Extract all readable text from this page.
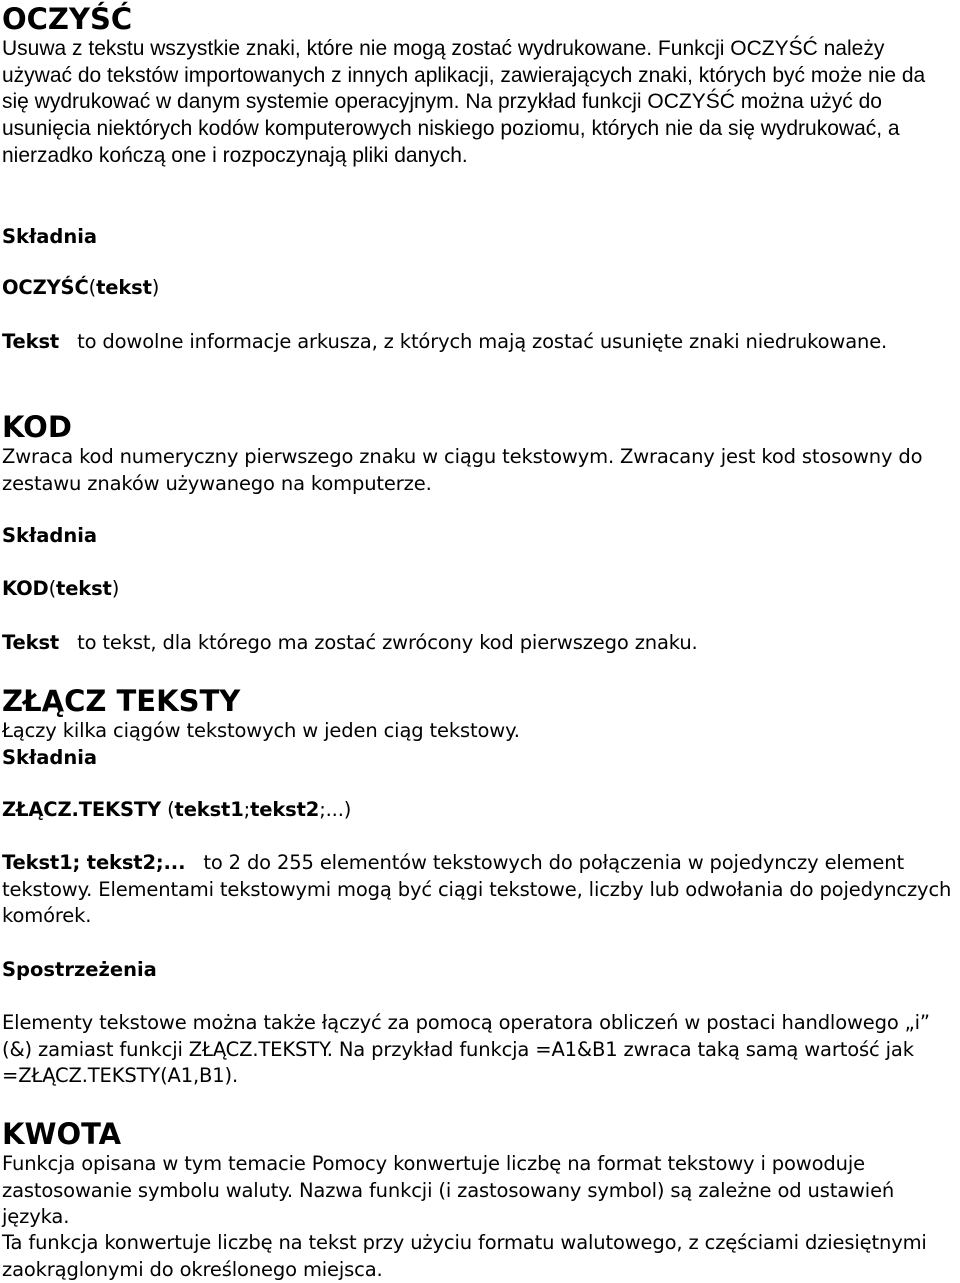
OCZYŚĆ

Usuwa z tekstu wszystkie znaki, które nie mogą zostać wydrukowane. Funkcji OCZYŚĆ należy używać do tekstów importowanych z innych aplikacji, zawierających znaki, których być może nie da się wydrukować w danym systemie operacyjnym. Na przykład funkcji OCZYŚĆ można użyć do usunięcia niektórych kodów komputerowych niskiego poziomu, których nie da się wydrukować, a nierzadko kończą one i rozpoczynają pliki danych.

Składnia
OCZYŚĆ(tekst)

Tekst to dowolne informacje arkusza, z których mają zostać usunięte znaki niedrukowane.

KOD

Zwraca kod numeryczny pierwszego znaku w ciągu tekstowym. Zwracany jest kod stosowny do zestawu znaków używanego na komputerze.

Składnia
KOD(tekst)

Tekst to tekst, dla którego ma zostać zwrócony kod pierwszego znaku.

ZŁĄCZ TEKSTY

Łączy kilka ciągów tekstowych w jeden ciąg tekstowy.

Składnia
ZŁĄCZ.TEKSTY (tekst1;tekst2;...)

Tekst1; tekst2;... to 2 do 255 elementów tekstowych do połączenia w pojedynczy element tekstowy. Elementami tekstowymi mogą być ciągi tekstowe, liczby lub odwołania do pojedynczych komórek.

Spostrzeżenia

Elementy tekstowe można także łączyć za pomocą operatora obliczeń w postaci handlowego „i” (&) zamiast funkcji ZŁĄCZ.TEKSTY. Na przykład funkcja =A1&B1 zwraca taką samą wartość jak =ZŁĄCZ.TEKSTY(A1,B1).

KWOTA

Funkcja opisana w tym temacie Pomocy konwertuje liczbę na format tekstowy i powoduje zastosowanie symbolu waluty. Nazwa funkcji (i zastosowany symbol) są zależne od ustawień języka.

Ta funkcja konwertuje liczbę na tekst przy użyciu formatu walutowego, z częściami dziesiętnymi zaokrąglonymi do określonego miejsca.
